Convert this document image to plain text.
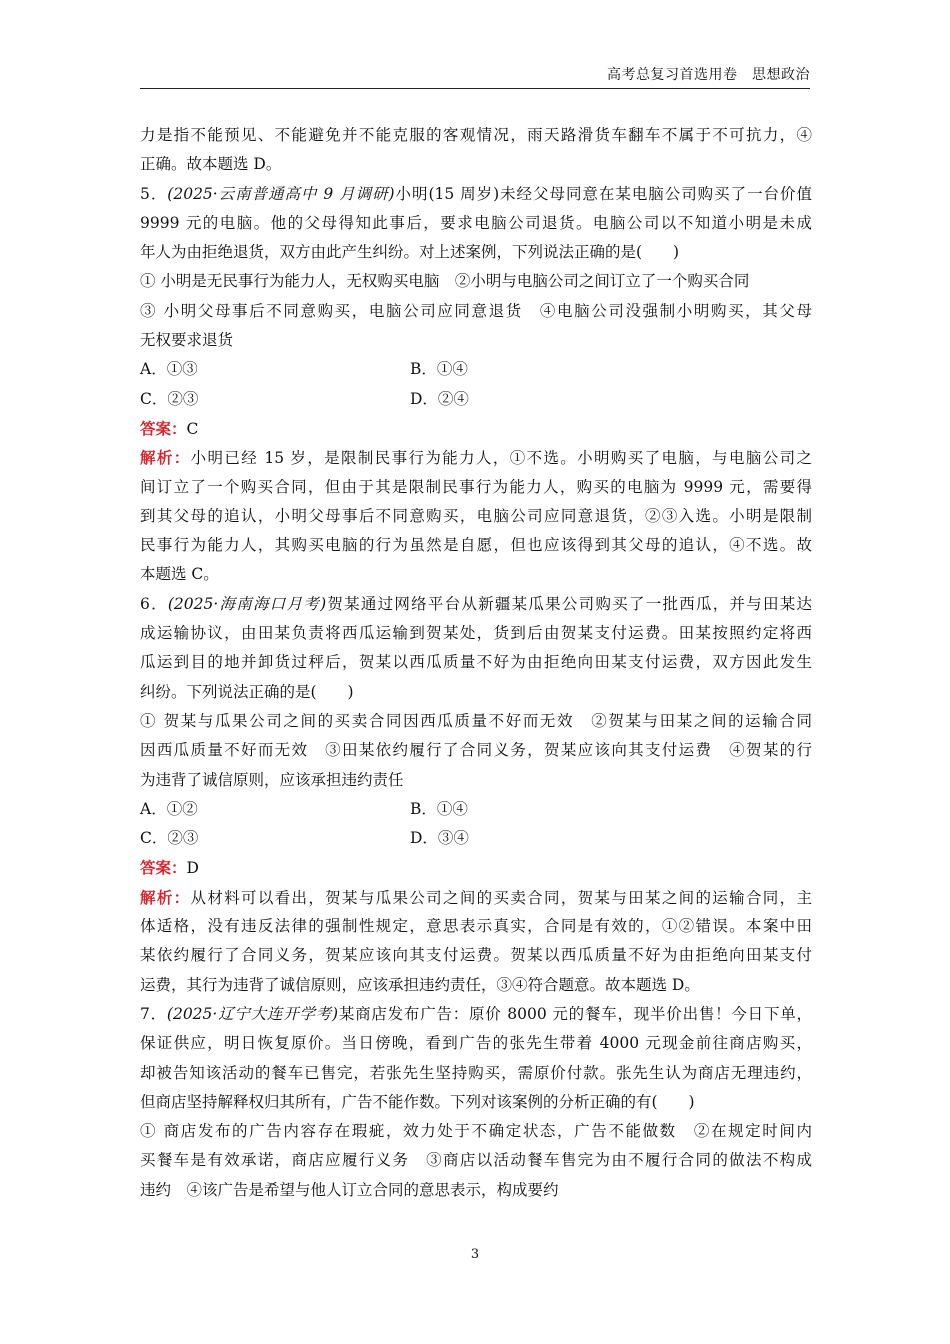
高考总复习首选用卷　思想政治
力是指不能预见、不能避免并不能克服的客观情况，雨天路滑货车翻车不属于不可抗力，④
正确。故本题选 D。
5．(2025·云南普通高中 9 月调研)小明(15 周岁)未经父母同意在某电脑公司购买了一台价值
9999 元的电脑。他的父母得知此事后，要求电脑公司退货。电脑公司以不知道小明是未成
年人为由拒绝退货，双方由此产生纠纷。对上述案例，下列说法正确的是(　　)
① 小明是无民事行为能力人，无权购买电脑　②小明与电脑公司之间订立了一个购买合同
③ 小明父母事后不同意购买，电脑公司应同意退货　④电脑公司没强制小明购买，其父母
无权要求退货
A．①③	B．①④
C．②③	D．②④
答案：C
解析：小明已经 15 岁，是限制民事行为能力人，①不选。小明购买了电脑，与电脑公司之
间订立了一个购买合同，但由于其是限制民事行为能力人，购买的电脑为 9999 元，需要得
到其父母的追认，小明父母事后不同意购买，电脑公司应同意退货，②③入选。小明是限制
民事行为能力人，其购买电脑的行为虽然是自愿，但也应该得到其父母的追认，④不选。故
本题选 C。
6．(2025·海南海口月考)贺某通过网络平台从新疆某瓜果公司购买了一批西瓜，并与田某达
成运输协议，由田某负责将西瓜运输到贺某处，货到后由贺某支付运费。田某按照约定将西
瓜运到目的地并卸货过秤后，贺某以西瓜质量不好为由拒绝向田某支付运费，双方因此发生
纠纷。下列说法正确的是(　　)
① 贺某与瓜果公司之间的买卖合同因西瓜质量不好而无效　②贺某与田某之间的运输合同
因西瓜质量不好而无效　③田某依约履行了合同义务，贺某应该向其支付运费　④贺某的行
为违背了诚信原则，应该承担违约责任
A．①②	B．①④
C．②③	D．③④
答案：D
解析：从材料可以看出，贺某与瓜果公司之间的买卖合同，贺某与田某之间的运输合同，主
体适格，没有违反法律的强制性规定，意思表示真实，合同是有效的，①②错误。本案中田
某依约履行了合同义务，贺某应该向其支付运费。贺某以西瓜质量不好为由拒绝向田某支付
运费，其行为违背了诚信原则，应该承担违约责任，③④符合题意。故本题选 D。
7．(2025·辽宁大连开学考)某商店发布广告：原价 8000 元的餐车，现半价出售！今日下单，
保证供应，明日恢复原价。当日傍晚，看到广告的张先生带着 4000 元现金前往商店购买，
却被告知该活动的餐车已售完，若张先生坚持购买，需原价付款。张先生认为商店无理违约，
但商店坚持解释权归其所有，广告不能作数。下列对该案例的分析正确的有(　　)
① 商店发布的广告内容存在瑕疵，效力处于不确定状态，广告不能做数　②在规定时间内
买餐车是有效承诺，商店应履行义务　③商店以活动餐车售完为由不履行合同的做法不构成
违约　④该广告是希望与他人订立合同的意思表示，构成要约
3
